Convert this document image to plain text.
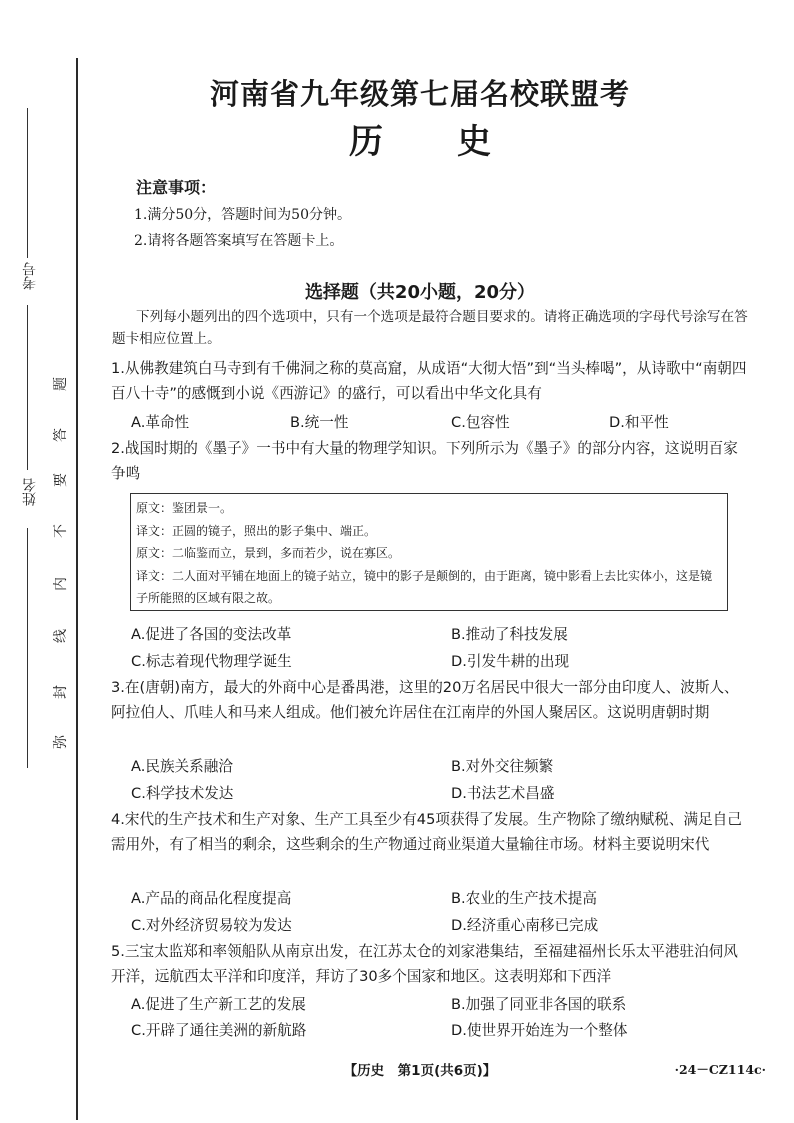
考号
姓名
弥
封
线
内
不
要
答
题
河南省九年级第七届名校联盟考
历史
注意事项：
1.满分50分，答题时间为50分钟。
2.请将各题答案填写在答题卡上。
选择题（共20小题，20分）
下列每小题列出的四个选项中，只有一个选项是最符合题目要求的。请将正确选项的字母代号涂写在答题卡相应位置上。
1.从佛教建筑白马寺到有千佛洞之称的莫高窟，从成语“大彻大悟”到“当头棒喝”，从诗歌中“南朝四百八十寺”的感慨到小说《西游记》的盛行，可以看出中华文化具有
A.革命性	B.统一性	C.包容性	D.和平性
2.战国时期的《墨子》一书中有大量的物理学知识。下列所示为《墨子》的部分内容，这说明百家争鸣

原文：鉴团景一。

译文：正圆的镜子，照出的影子集中、端正。

原文：二临鉴而立，景到，多而若少，说在寡区。

译文：二人面对平铺在地面上的镜子站立，镜中的影子是颠倒的，由于距离，镜中影看上去比实体小，这是镜子所能照的区域有限之故。

A.促进了各国的变法改革	B.推动了科技发展
C.标志着现代物理学诞生	D.引发牛耕的出现
3.在(唐朝)南方，最大的外商中心是番禺港，这里的20万名居民中很大一部分由印度人、波斯人、阿拉伯人、爪哇人和马来人组成。他们被允许居住在江南岸的外国人聚居区。这说明唐朝时期
A.民族关系融洽	B.对外交往频繁
C.科学技术发达	D.书法艺术昌盛
4.宋代的生产技术和生产对象、生产工具至少有45项获得了发展。生产物除了缴纳赋税、满足自己需用外，有了相当的剩余，这些剩余的生产物通过商业渠道大量输往市场。材料主要说明宋代
A.产品的商品化程度提高	B.农业的生产技术提高
C.对外经济贸易较为发达	D.经济重心南移已完成
5.三宝太监郑和率领船队从南京出发，在江苏太仓的刘家港集结，至福建福州长乐太平港驻泊伺风开洋，远航西太平洋和印度洋，拜访了30多个国家和地区。这表明郑和下西洋
A.促进了生产新工艺的发展	B.加强了同亚非各国的联系
C.开辟了通往美洲的新航路	D.使世界开始连为一个整体
【历史　第1页(共6页)】	·24－CZ114c·
